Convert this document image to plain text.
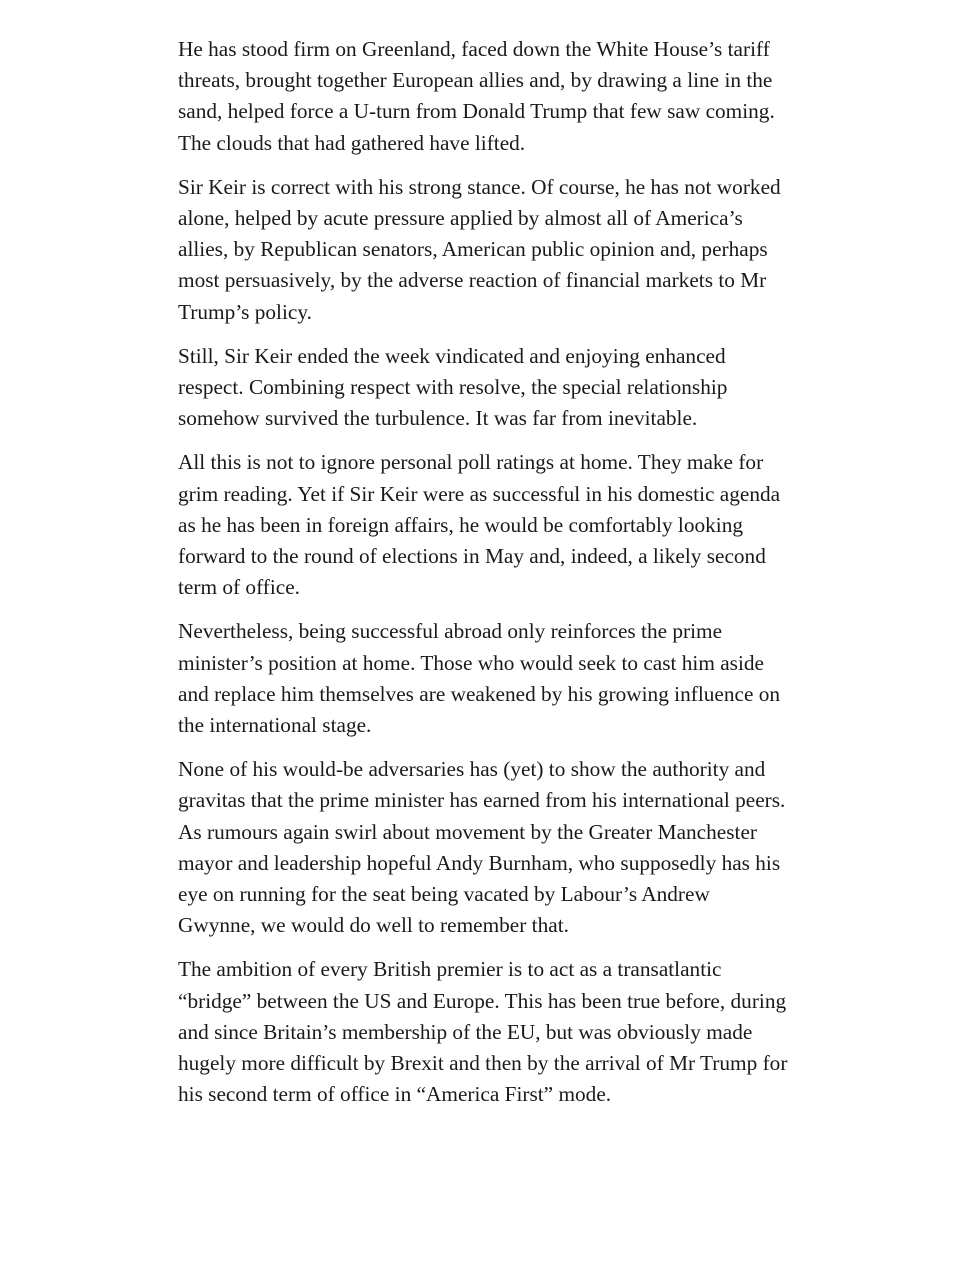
He has stood firm on Greenland, faced down the White House’s tariff threats, brought together European allies and, by drawing a line in the sand, helped force a U-turn from Donald Trump that few saw coming. The clouds that had gathered have lifted.

Sir Keir is correct with his strong stance. Of course, he has not worked alone, helped by acute pressure applied by almost all of America’s allies, by Republican senators, American public opinion and, perhaps most persuasively, by the adverse reaction of financial markets to Mr Trump’s policy.

Still, Sir Keir ended the week vindicated and enjoying enhanced respect. Combining respect with resolve, the special relationship somehow survived the turbulence. It was far from inevitable.

All this is not to ignore personal poll ratings at home. They make for grim reading. Yet if Sir Keir were as successful in his domestic agenda as he has been in foreign affairs, he would be comfortably looking forward to the round of elections in May and, indeed, a likely second term of office.

Nevertheless, being successful abroad only reinforces the prime minister’s position at home. Those who would seek to cast him aside and replace him themselves are weakened by his growing influence on the international stage.

None of his would-be adversaries has (yet) to show the authority and gravitas that the prime minister has earned from his international peers. As rumours again swirl about movement by the Greater Manchester mayor and leadership hopeful Andy Burnham, who supposedly has his eye on running for the seat being vacated by Labour’s Andrew Gwynne, we would do well to remember that.

The ambition of every British premier is to act as a transatlantic “bridge” between the US and Europe. This has been true before, during and since Britain’s membership of the EU, but was obviously made hugely more difficult by Brexit and then by the arrival of Mr Trump for his second term of office in “America First” mode.
